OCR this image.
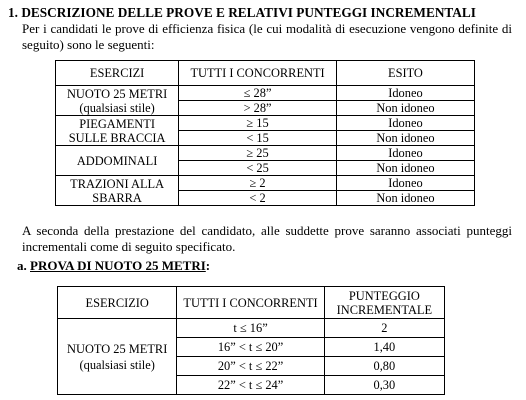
1. DESCRIZIONE DELLE PROVE E RELATIVI PUNTEGGI INCREMENTALI
Per i candidati le prove di efficienza fisica (le cui modalità di esecuzione vengono definite di seguito) sono le seguenti:
ESERCIZI	TUTTI I CONCORRENTI	ESITO

NUOTO 25 METRI
(qualsiasi stile)	≤ 28”	Idoneo
	> 28”	Non idoneo

PIEGAMENTI
SULLE BRACCIA	≥ 15	Idoneo
	< 15	Non idoneo

ADDOMINALI	≥ 25	Idoneo
	< 25	Non idoneo

TRAZIONI ALLA
SBARRA	≥ 2	Idoneo
	< 2	Non idoneo
A seconda della prestazione del candidato, alle suddette prove saranno associati punteggi incrementali come di seguito specificato.
a. PROVA DI NUOTO 25 METRI:
ESERCIZIO	TUTTI I CONCORRENTI	PUNTEGGIO
INCREMENTALE

NUOTO 25 METRI
(qualsiasi stile)	t ≤ 16”	2
	16” < t ≤ 20”	1,40
	20” < t ≤ 22”	0,80
	22” < t ≤ 24”	0,30
